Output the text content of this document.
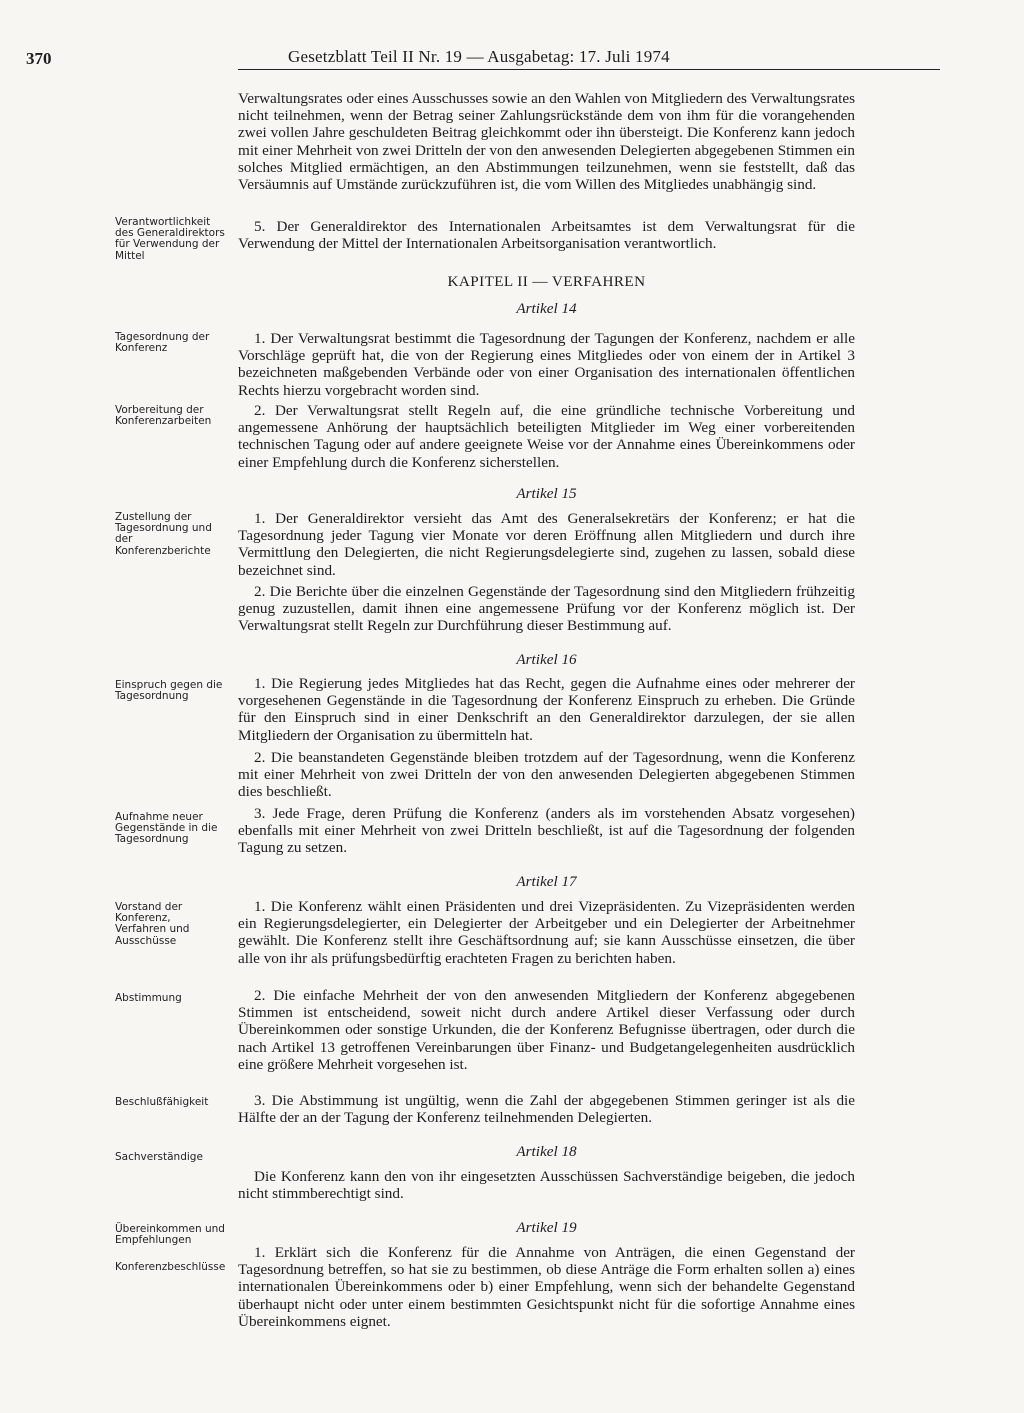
370	Gesetzblatt Teil II Nr. 19 — Ausgabetag: 17. Juli 1974
Verantwortlichkeit des Generaldirektors für Verwendung der Mittel
Tagesordnung der Konferenz
Vorbereitung der Konferenzarbeiten
Zustellung der Tagesordnung und der Konferenzberichte
Einspruch gegen die Tagesordnung
Aufnahme neuer Gegenstände in die Tagesordnung
Vorstand der Konferenz, Verfahren und Ausschüsse
Abstimmung
Beschlußfähigkeit
Sachverständige
Übereinkommen und Empfehlungen
Konferenzbeschlüsse

Verwaltungsrates oder eines Ausschusses sowie an den Wahlen von Mitgliedern des Verwaltungsrates nicht teilnehmen, wenn der Betrag seiner Zahlungsrückstände dem von ihm für die vorangehenden zwei vollen Jahre geschuldeten Beitrag gleichkommt oder ihn übersteigt. Die Konferenz kann jedoch mit einer Mehrheit von zwei Dritteln der von den anwesenden Delegierten abgegebenen Stimmen ein solches Mitglied ermächtigen, an den Abstimmungen teilzunehmen, wenn sie feststellt, daß das Versäumnis auf Umstände zurückzuführen ist, die vom Willen des Mitgliedes unabhängig sind.

5. Der Generaldirektor des Internationalen Arbeitsamtes ist dem Verwaltungsrat für die Verwendung der Mittel der Internationalen Arbeitsorganisation verantwortlich.

KAPITEL II — VERFAHREN
Artikel 14

1. Der Verwaltungsrat bestimmt die Tagesordnung der Tagungen der Konferenz, nachdem er alle Vorschläge geprüft hat, die von der Regierung eines Mitgliedes oder von einem der in Artikel 3 bezeichneten maßgebenden Verbände oder von einer Organisation des internationalen öffentlichen Rechts hierzu vorgebracht worden sind.

2. Der Verwaltungsrat stellt Regeln auf, die eine gründliche technische Vorbereitung und angemessene Anhörung der hauptsächlich beteiligten Mitglieder im Weg einer vorbereitenden technischen Tagung oder auf andere geeignete Weise vor der Annahme eines Übereinkommens oder einer Empfehlung durch die Konferenz sicherstellen.

Artikel 15

1. Der Generaldirektor versieht das Amt des Generalsekretärs der Konferenz; er hat die Tagesordnung jeder Tagung vier Monate vor deren Eröffnung allen Mitgliedern und durch ihre Vermittlung den Delegierten, die nicht Regierungsdelegierte sind, zugehen zu lassen, sobald diese bezeichnet sind.

2. Die Berichte über die einzelnen Gegenstände der Tagesordnung sind den Mitgliedern frühzeitig genug zuzustellen, damit ihnen eine angemessene Prüfung vor der Konferenz möglich ist. Der Verwaltungsrat stellt Regeln zur Durchführung dieser Bestimmung auf.

Artikel 16

1. Die Regierung jedes Mitgliedes hat das Recht, gegen die Aufnahme eines oder mehrerer der vorgesehenen Gegenstände in die Tagesordnung der Konferenz Einspruch zu erheben. Die Gründe für den Einspruch sind in einer Denkschrift an den Generaldirektor darzulegen, der sie allen Mitgliedern der Organisation zu übermitteln hat.

2. Die beanstandeten Gegenstände bleiben trotzdem auf der Tagesordnung, wenn die Konferenz mit einer Mehrheit von zwei Dritteln der von den anwesenden Delegierten abgegebenen Stimmen dies beschließt.

3. Jede Frage, deren Prüfung die Konferenz (anders als im vorstehenden Absatz vorgesehen) ebenfalls mit einer Mehrheit von zwei Dritteln beschließt, ist auf die Tagesordnung der folgenden Tagung zu setzen.

Artikel 17

1. Die Konferenz wählt einen Präsidenten und drei Vizepräsidenten. Zu Vizepräsidenten werden ein Regierungsdelegierter, ein Delegierter der Arbeitgeber und ein Delegierter der Arbeitnehmer gewählt. Die Konferenz stellt ihre Geschäftsordnung auf; sie kann Ausschüsse einsetzen, die über alle von ihr als prüfungsbedürftig erachteten Fragen zu berichten haben.

2. Die einfache Mehrheit der von den anwesenden Mitgliedern der Konferenz abgegebenen Stimmen ist entscheidend, soweit nicht durch andere Artikel dieser Verfassung oder durch Übereinkommen oder sonstige Urkunden, die der Konferenz Befugnisse übertragen, oder durch die nach Artikel 13 getroffenen Vereinbarungen über Finanz- und Budgetangelegenheiten ausdrücklich eine größere Mehrheit vorgesehen ist.

3. Die Abstimmung ist ungültig, wenn die Zahl der abgegebenen Stimmen geringer ist als die Hälfte der an der Tagung der Konferenz teilnehmenden Delegierten.

Artikel 18

Die Konferenz kann den von ihr eingesetzten Ausschüssen Sachverständige beigeben, die jedoch nicht stimmberechtigt sind.

Artikel 19

1. Erklärt sich die Konferenz für die Annahme von Anträgen, die einen Gegenstand der Tagesordnung betreffen, so hat sie zu bestimmen, ob diese Anträge die Form erhalten sollen a) eines internationalen Übereinkommens oder b) einer Empfehlung, wenn sich der behandelte Gegenstand überhaupt nicht oder unter einem bestimmten Gesichtspunkt nicht für die sofortige Annahme eines Übereinkommens eignet.
